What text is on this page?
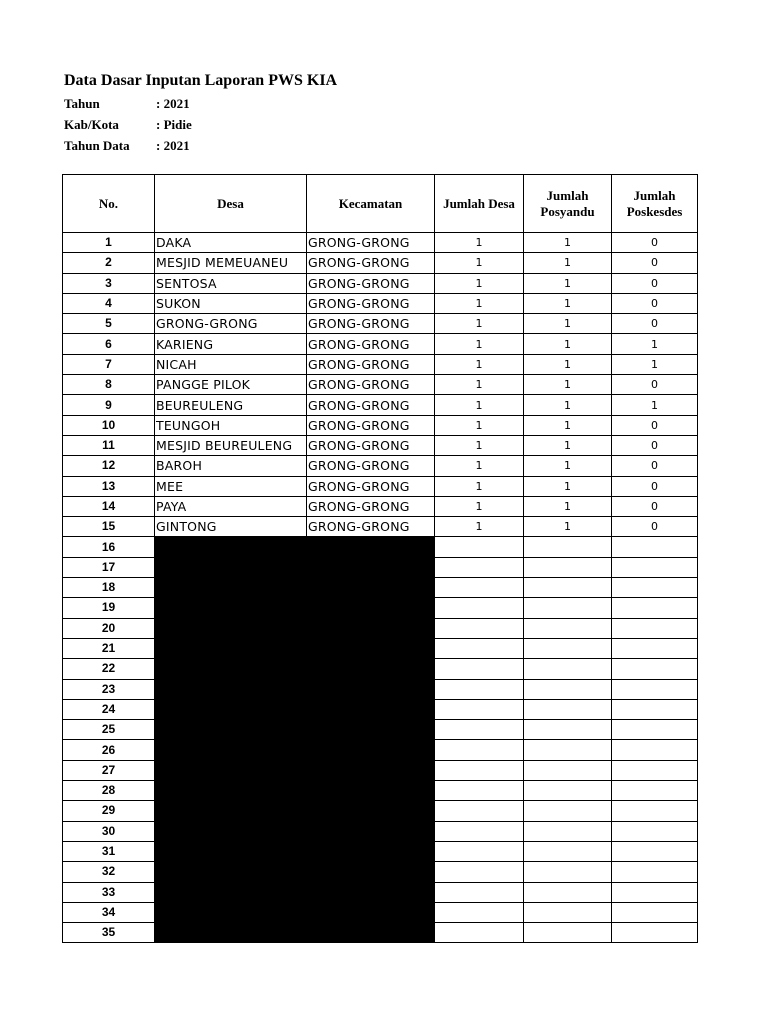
Data Dasar Inputan Laporan PWS KIA
Tahun	: 2021
Kab/Kota	: Pidie
Tahun Data : 2021
No.	Desa	Kecamatan	Jumlah Desa	Jumlah Posyandu	Jumlah Poskesdes
1	DAKA	GRONG-GRONG	1	1	0
2	MESJID MEMEUANEU	GRONG-GRONG	1	1	0
3	SENTOSA	GRONG-GRONG	1	1	0
4	SUKON	GRONG-GRONG	1	1	0
5	GRONG-GRONG	GRONG-GRONG	1	1	0
6	KARIENG	GRONG-GRONG	1	1	1
7	NICAH	GRONG-GRONG	1	1	1
8	PANGGE PILOK	GRONG-GRONG	1	1	0
9	BEUREULENG	GRONG-GRONG	1	1	1
10	TEUNGOH	GRONG-GRONG	1	1	0
11	MESJID BEUREULENG	GRONG-GRONG	1	1	0
12	BAROH	GRONG-GRONG	1	1	0
13	MEE	GRONG-GRONG	1	1	0
14	PAYA	GRONG-GRONG	1	1	0
15	GINTONG	GRONG-GRONG	1	1	0
16					
17					
18					
19					
20					
21					
22					
23					
24					
25					
26					
27					
28					
29					
30					
31					
32					
33					
34					
35					
